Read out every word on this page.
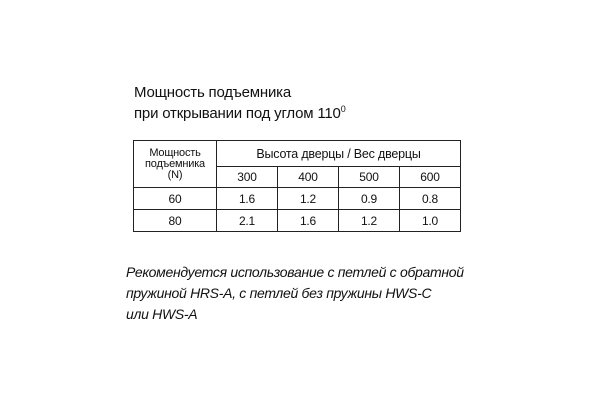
Мощность подъемника
при открывании под углом $110^0$
Мощность
подъемника
(N)	Высота дверцы / Вес дверцы			
	300	400	500	600
60	1.6	1.2	0.9	0.8
80	2.1	1.6	1.2	1.0
Рекомендуется использование с петлей с обратной
пружиной HRS-A, с петлей без пружины HWS-C
или HWS-A
